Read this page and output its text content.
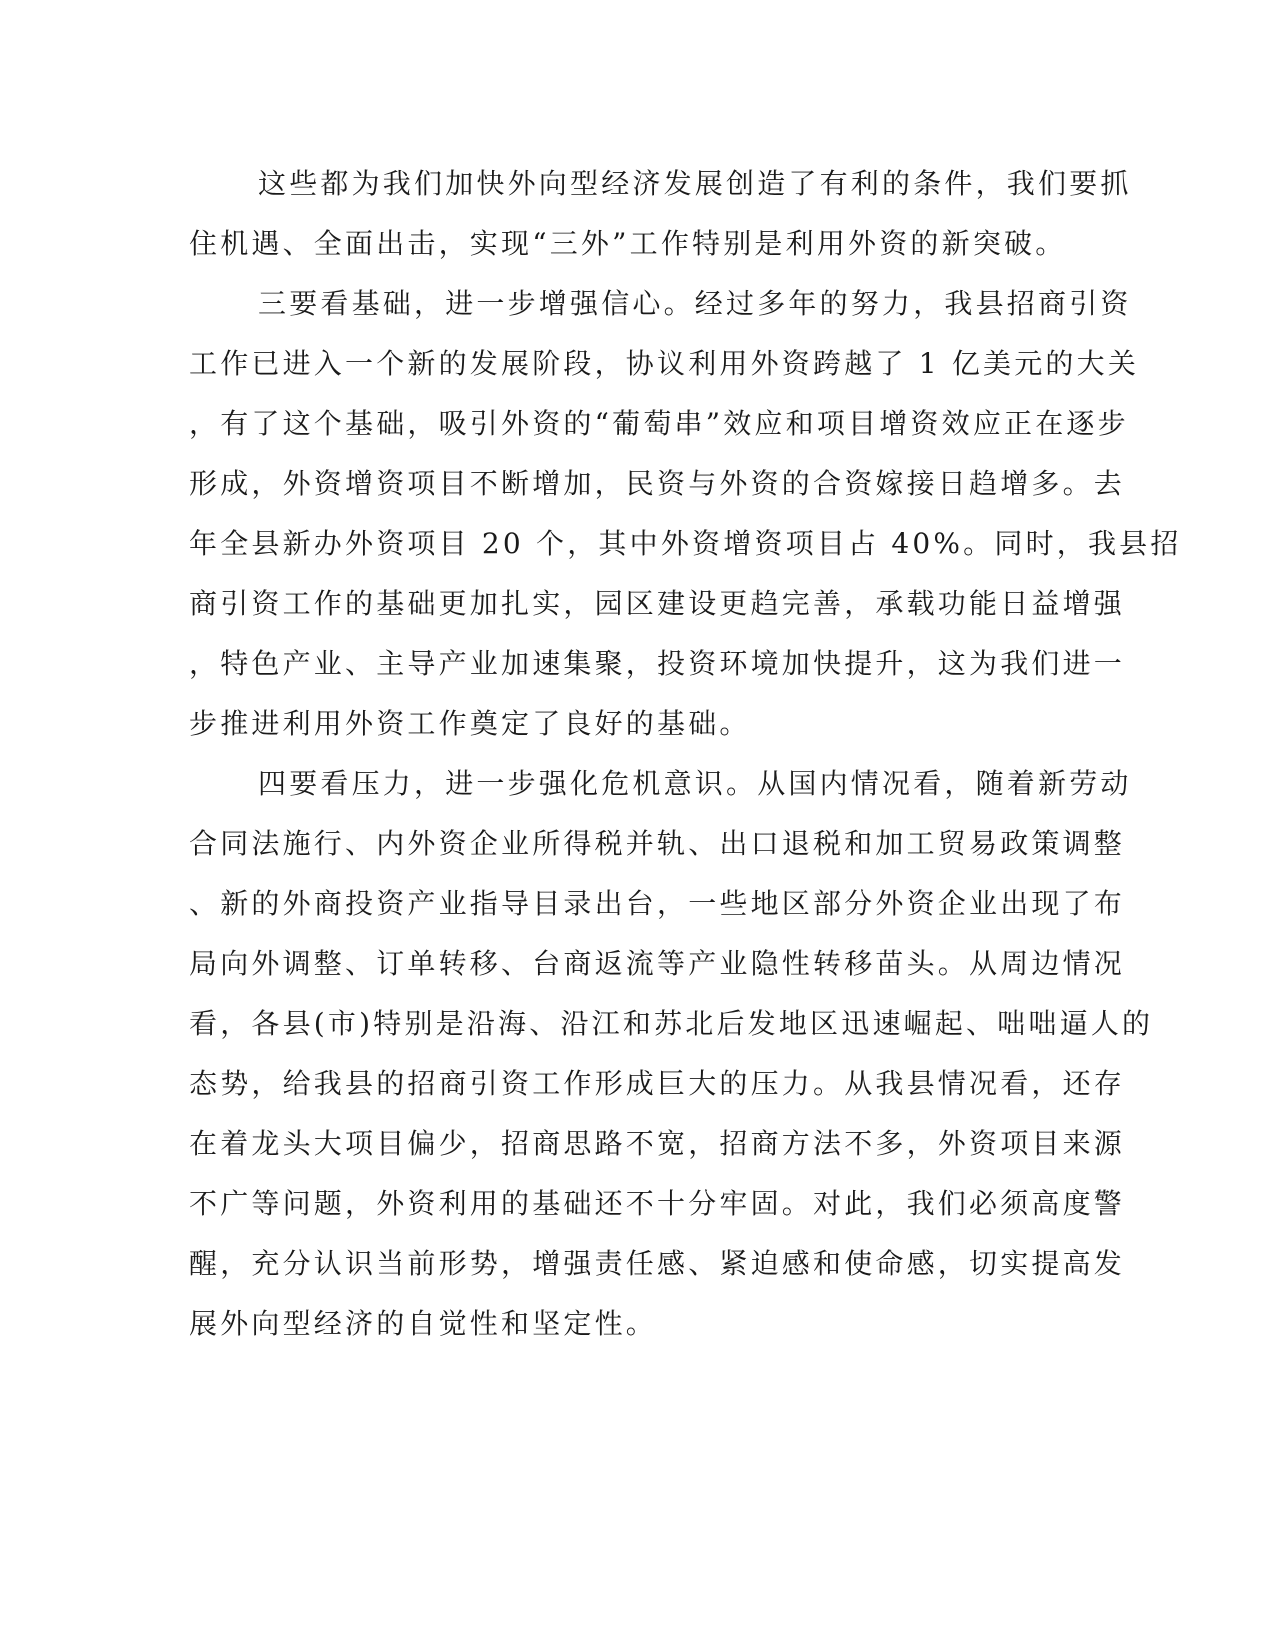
这些都为我们加快外向型经济发展创造了有利的条件，我们要抓
住机遇、全面出击，实现“三外”工作特别是利用外资的新突破。
三要看基础，进一步增强信心。经过多年的努力，我县招商引资
工作已进入一个新的发展阶段，协议利用外资跨越了 1 亿美元的大关
，有了这个基础，吸引外资的“葡萄串”效应和项目增资效应正在逐步
形成，外资增资项目不断增加，民资与外资的合资嫁接日趋增多。去
年全县新办外资项目 20 个，其中外资增资项目占 40%。同时，我县招
商引资工作的基础更加扎实，园区建设更趋完善，承载功能日益增强
，特色产业、主导产业加速集聚，投资环境加快提升，这为我们进一
步推进利用外资工作奠定了良好的基础。
四要看压力，进一步强化危机意识。从国内情况看，随着新劳动
合同法施行、内外资企业所得税并轨、出口退税和加工贸易政策调整
、新的外商投资产业指导目录出台，一些地区部分外资企业出现了布
局向外调整、订单转移、台商返流等产业隐性转移苗头。从周边情况
看，各县(市)特别是沿海、沿江和苏北后发地区迅速崛起、咄咄逼人的
态势，给我县的招商引资工作形成巨大的压力。从我县情况看，还存
在着龙头大项目偏少，招商思路不宽，招商方法不多，外资项目来源
不广等问题，外资利用的基础还不十分牢固。对此，我们必须高度警
醒，充分认识当前形势，增强责任感、紧迫感和使命感，切实提高发
展外向型经济的自觉性和坚定性。
